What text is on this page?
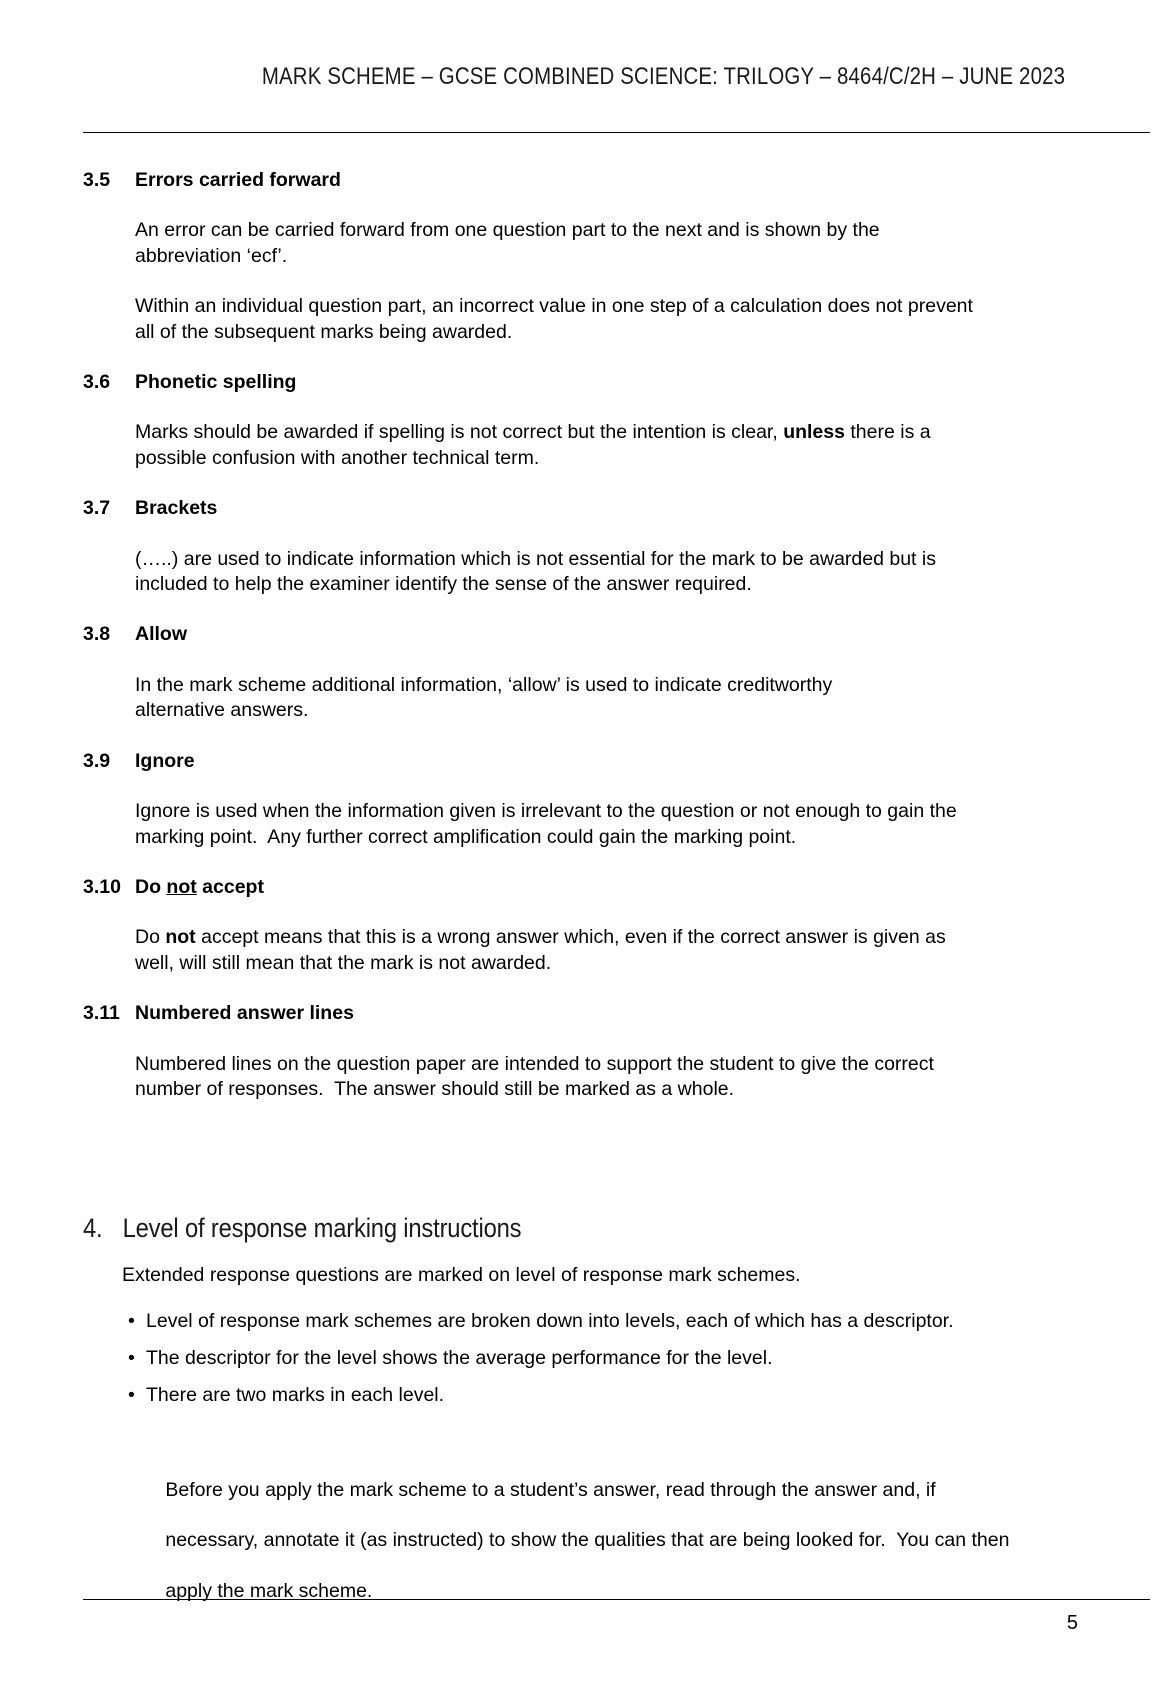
MARK SCHEME – GCSE COMBINED SCIENCE: TRILOGY – 8464/C/2H – JUNE 2023
3.5	Errors carried forward

An error can be carried forward from one question part to the next and is shown by the
abbreviation ‘ecf’.

Within an individual question part, an incorrect value in one step of a calculation does not prevent
all of the subsequent marks being awarded.

3.6	Phonetic spelling

Marks should be awarded if spelling is not correct but the intention is clear, unless there is a
possible confusion with another technical term.

3.7	Brackets

(…..) are used to indicate information which is not essential for the mark to be awarded but is
included to help the examiner identify the sense of the answer required.

3.8	Allow

In the mark scheme additional information, ‘allow’ is used to indicate creditworthy
alternative answers.

3.9	Ignore

Ignore is used when the information given is irrelevant to the question or not enough to gain the
marking point.  Any further correct amplification could gain the marking point.

3.10 Do not accept

Do not accept means that this is a wrong answer which, even if the correct answer is given as
well, will still mean that the mark is not awarded.

3.11 Numbered answer lines

Numbered lines on the question paper are intended to support the student to give the correct
number of responses.  The answer should still be marked as a whole.

4. Level of response marking instructions

Extended response questions are marked on level of response mark schemes.

• Level of response mark schemes are broken down into levels, each of which has a descriptor.
• The descriptor for the level shows the average performance for the level.
• There are two marks in each level.

Before you apply the mark scheme to a student’s answer, read through the answer and, if

necessary, annotate it (as instructed) to show the qualities that are being looked for.  You can then

apply the mark scheme.

5
